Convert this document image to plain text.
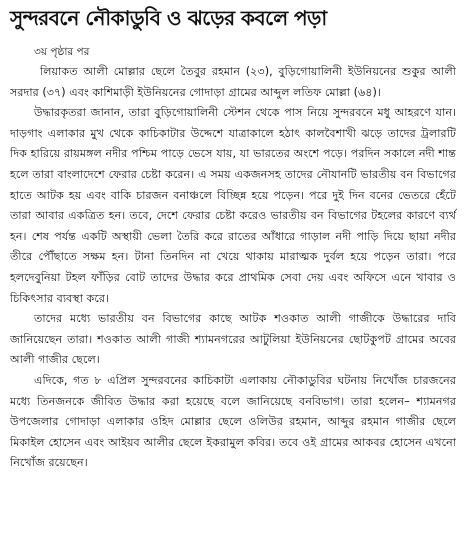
সুন্দরবনে নৌকাডুবি ও ঝড়ের কবলে পড়া
৩য় পৃষ্ঠার পর

লিয়াকত আলী মোল্লার ছেলে তৈবুর রহমান (২৩), বুড়িগোয়ালিনী ইউনিয়নের শুকুর আলী সরদার (৩৭) এবং কাশিমাড়ী ইউনিয়নের গোদাড়া গ্রামের আব্দুল লতিফ মোল্লা (৬৪)।

উদ্ধারকৃতরা জানান, তারা বুড়িগোয়ালিনী স্টেশন থেকে পাস নিয়ে সুন্দরবনে মধু আহরণে যান। দাড়গাং এলাকার মুখ থেকে কাচিকাটার উদ্দেশে যাত্রাকালে হঠাৎ কালবৈশাখী ঝড়ে তাদের ট্রলারটি দিক হারিয়ে রায়মঙ্গল নদীর পশ্চিম পাড়ে ভেসে যায়, যা ভারতের অংশে পড়ে। পরদিন সকালে নদী শান্ত হলে তারা বাংলাদেশে ফেরার চেষ্টা করেন। এ সময় একজনসহ তাদের নৌযানটি ভারতীয় বন বিভাগের হাতে আটক হয় এবং বাকি চারজন বনাঞ্চলে বিচ্ছিন্ন হয়ে পড়েন। পরে দুই দিন বনের ভেতরে হেঁটে তারা আবার একত্রিত হন। তবে, দেশে ফেরার চেষ্টা করেও ভারতীয় বন বিভাগের টহলের কারণে ব্যর্থ হন। শেষ পর্যন্ত একটি অস্থায়ী ভেলা তৈরি করে রাতের আঁধারে গাড়াল নদী পাড়ি দিয়ে ছায়া নদীর তীরে পৌঁছাতে সক্ষম হন। টানা তিনদিন না খেয়ে থাকায় মারাত্মক দুর্বল হয়ে পড়েন তারা। পরে হলদেবুনিয়া টহল ফাঁড়ির বোট তাদের উদ্ধার করে প্রাথমিক সেবা দেয় এবং অফিসে এনে খাবার ও চিকিৎসার ব্যবস্থা করে।

তাদের মধ্যে ভারতীয় বন বিভাগের কাছে আটক শওকাত আলী গাজীকে উদ্ধারের দাবি জানিয়েছেন তারা। শওকাত আলী গাজী শ্যামনগরের আটুলিয়া ইউনিয়নের ছোটকুপট গ্রামের অবের আলী গাজীর ছেলে।

এদিকে, গত ৮ এপ্রিল সুন্দরবনের কাচিকাটা এলাকায় নৌকাডুবির ঘটনায় নিখোঁজ চারজনের মধ্যে তিনজনকে জীবিত উদ্ধার করা হয়েছে বলে জানিয়েছে বনবিভাগ। তারা হলেন– শ্যামনগর উপজেলার গোদাড়া এলাকার ওহিদ মোল্লার ছেলে ওলিউর রহমান, আব্দুর রহমান গাজীর ছেলে মিকাইল হোসেন এবং আইয়ব আলীর ছেলে ইকরামুল কবির। তবে ওই গ্রামের আকবর হোসেন এখনো নিখোঁজ রয়েছেন।
